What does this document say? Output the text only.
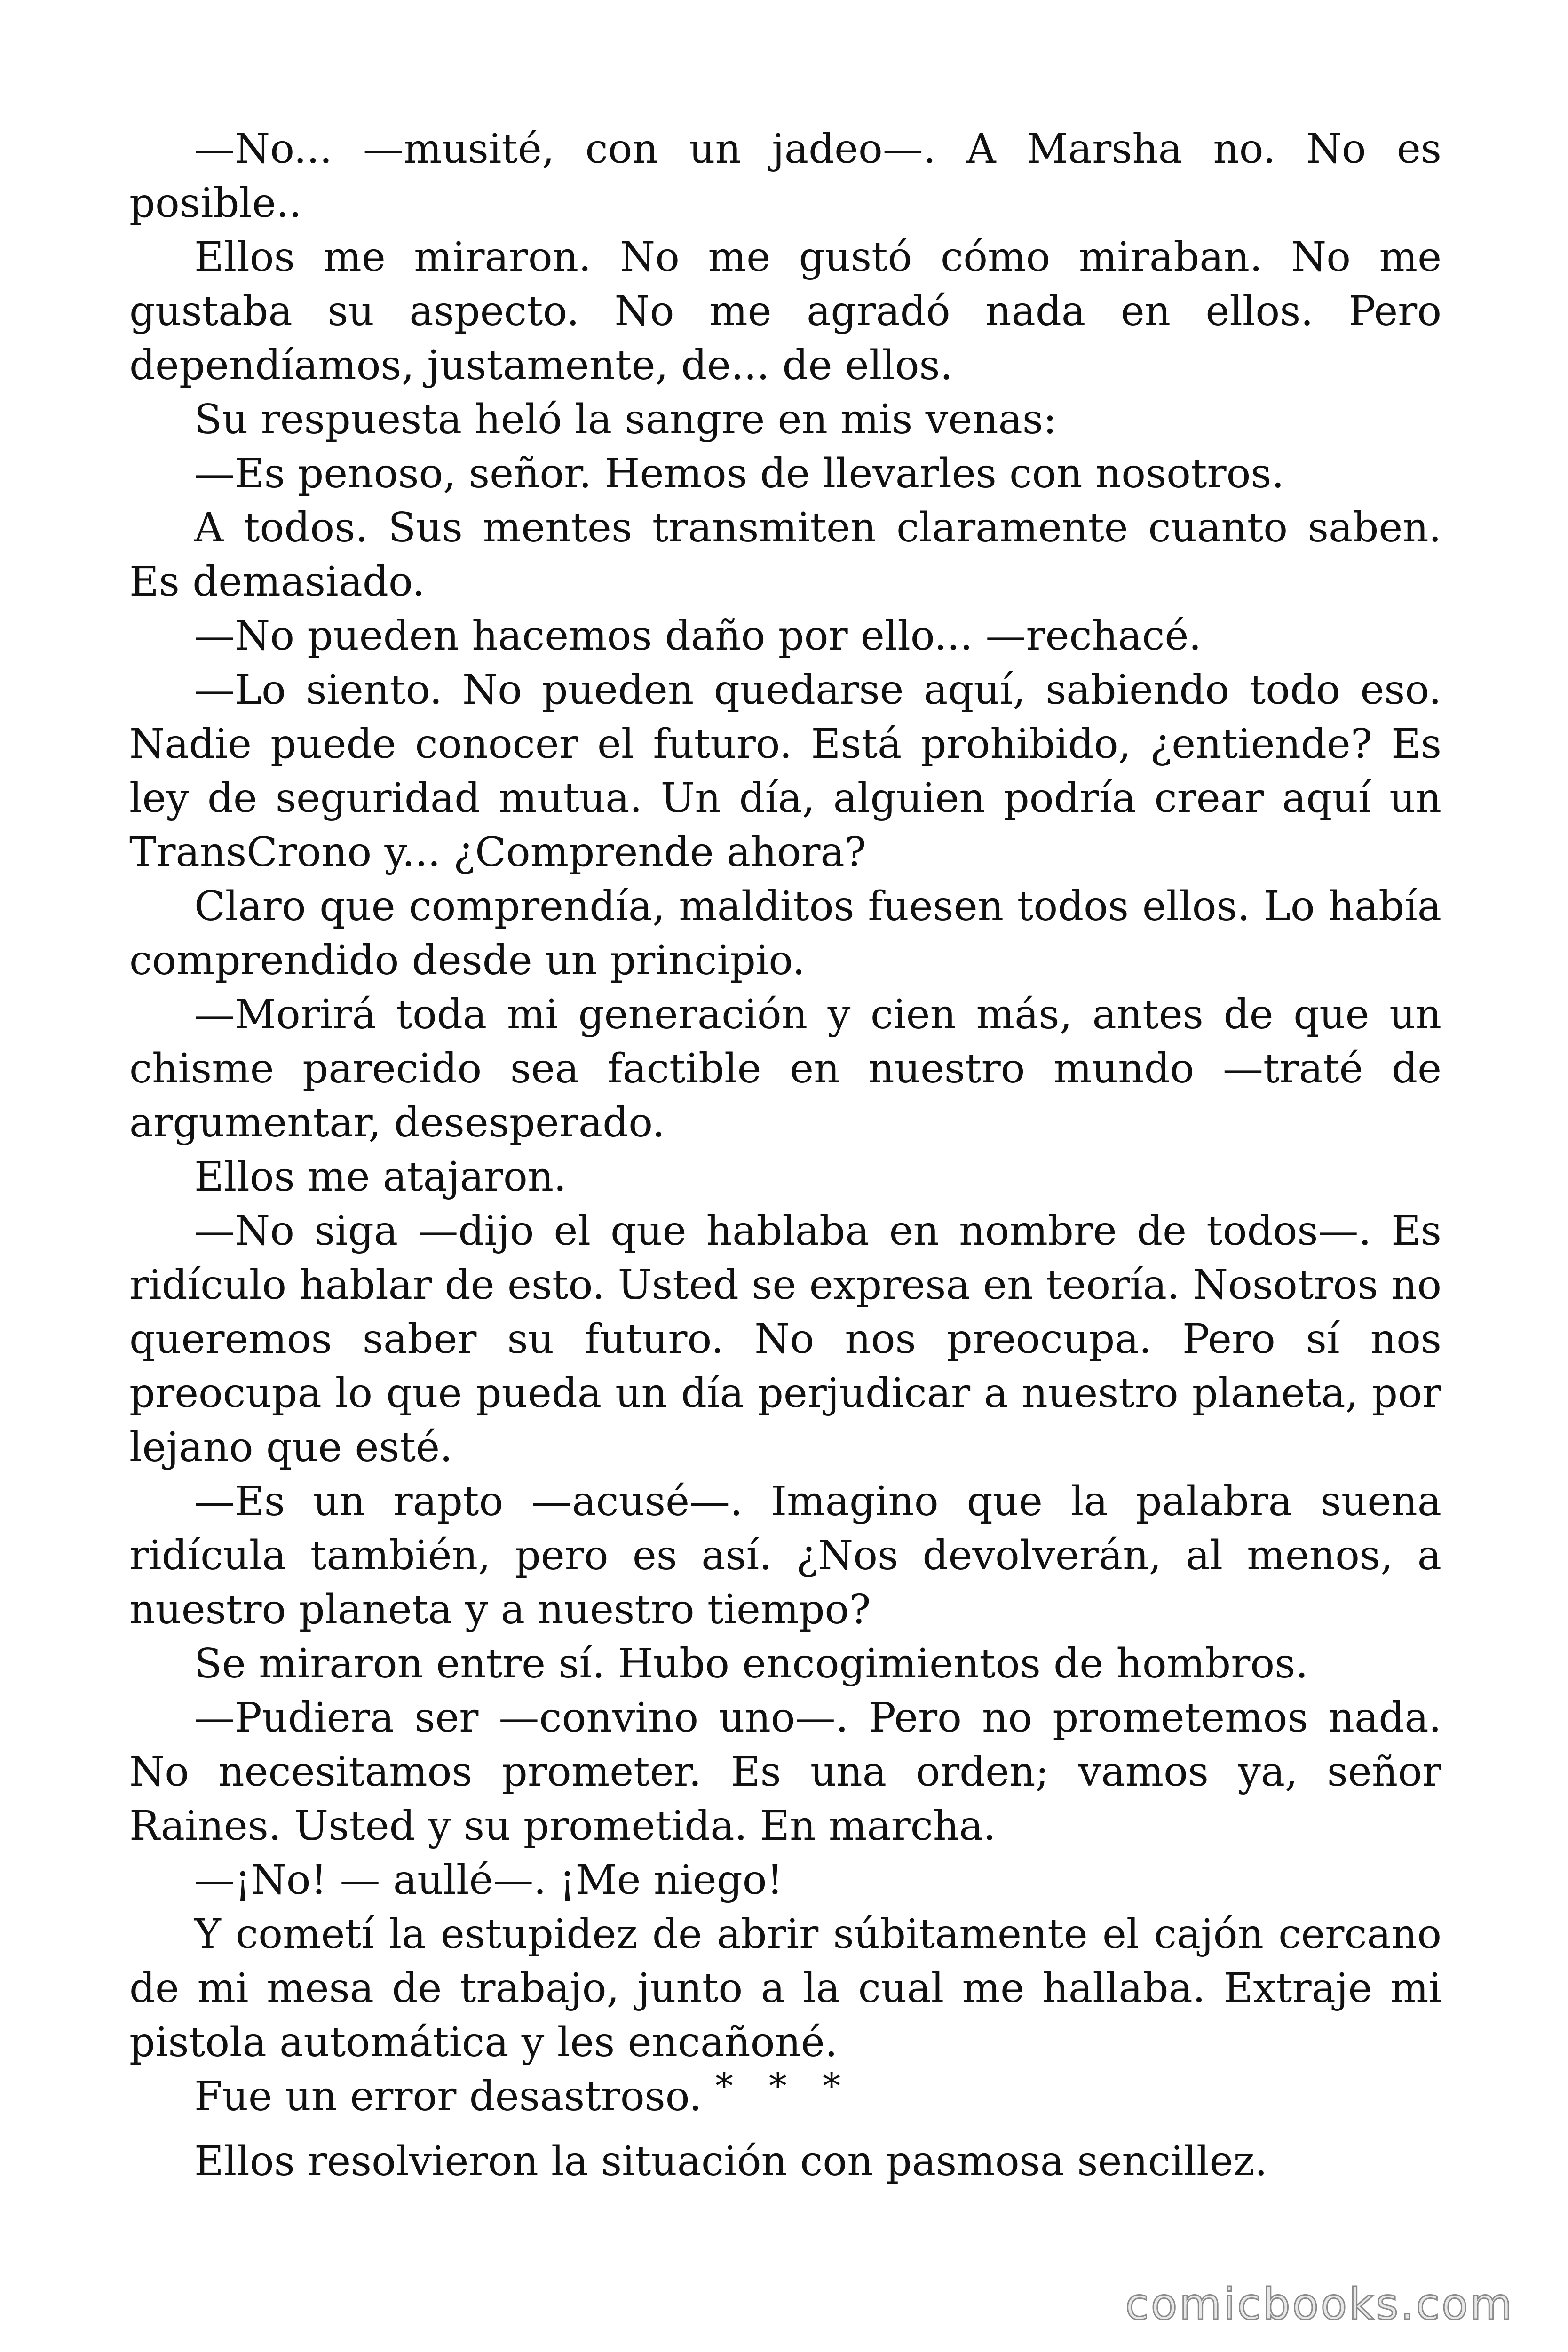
—No... —musité, con un jadeo—. A Marsha no. No es posible..

Ellos me miraron. No me gustó cómo miraban. No me gustaba su aspecto. No me agradó nada en ellos. Pero dependíamos, justamente, de... de ellos.

Su respuesta heló la sangre en mis venas:

—Es penoso, señor. Hemos de llevarles con nosotros.

A todos. Sus mentes transmiten claramente cuanto saben. Es demasiado.

—No pueden hacemos daño por ello... —rechacé.

—Lo siento. No pueden quedarse aquí, sabiendo todo eso. Nadie puede conocer el futuro. Está prohibido, ¿entiende? Es ley de seguridad mutua. Un día, alguien podría crear aquí un TransCrono y... ¿Comprende ahora?

Claro que comprendía, malditos fuesen todos ellos. Lo había comprendido desde un principio.

—Morirá toda mi generación y cien más, antes de que un chisme parecido sea factible en nuestro mundo —traté de argumentar, desesperado.

Ellos me atajaron.

—No siga —dijo el que hablaba en nombre de todos—. Es ridículo hablar de esto. Usted se expresa en teoría. Nosotros no queremos saber su futuro. No nos preocupa. Pero sí nos preocupa lo que pueda un día perjudicar a nuestro planeta, por lejano que esté.

—Es un rapto —acusé—. Imagino que la palabra suena ridícula también, pero es así. ¿Nos devolverán, al menos, a nuestro planeta y a nuestro tiempo?

Se miraron entre sí. Hubo encogimientos de hombros.

—Pudiera ser —convino uno—. Pero no prometemos nada. No necesitamos prometer. Es una orden; vamos ya, señor Raines. Usted y su prometida. En marcha.

—¡No! — aullé—. ¡Me niego!

Y cometí la estupidez de abrir súbitamente el cajón cercano de mi mesa de trabajo, junto a la cual me hallaba. Extraje mi pistola automática y les encañoné.

Fue un error desastroso. * * *

Ellos resolvieron la situación con pasmosa sencillez.

comicbooks.com
